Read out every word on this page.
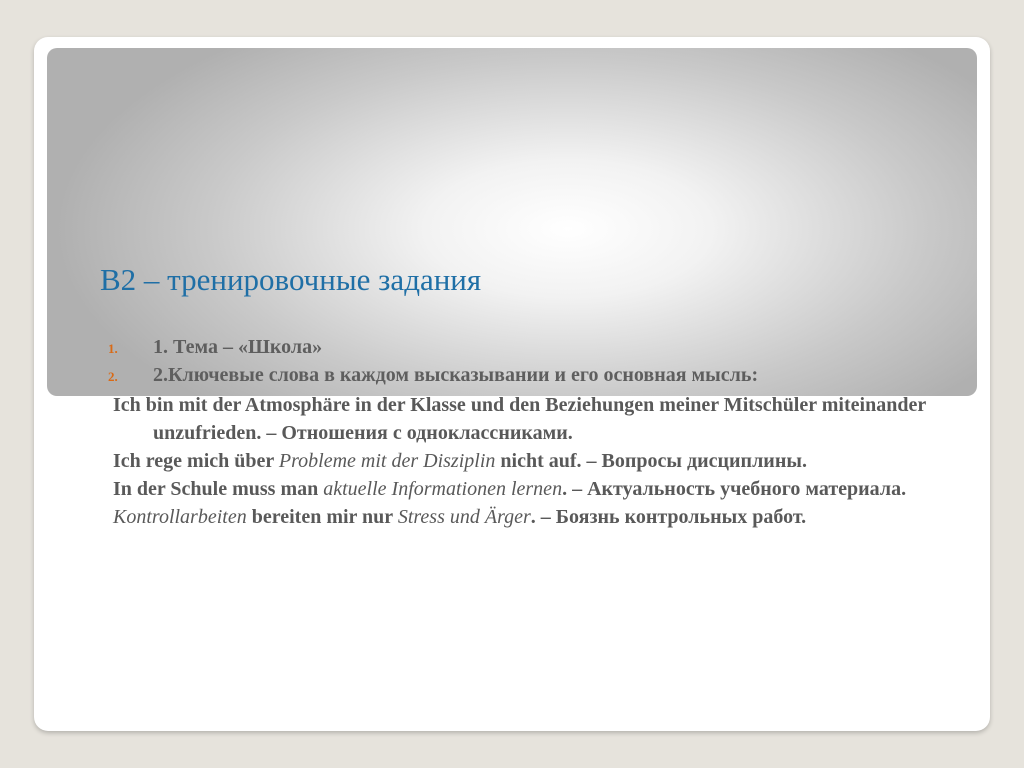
В2 – тренировочные задания
1. 1. Тема – «Школа»
2. 2.Ключевые слова в каждом высказывании и его основная мысль:

Ich bin mit der Atmosphäre in der Klasse und den Beziehungen meiner Mitschüler miteinander unzufrieden. – Отношения с одноклассниками.

Ich rege mich über Probleme mit der Disziplin nicht auf. – Вопросы дисциплины.

In der Schule muss man aktuelle Informationen lernen. – Актуальность учебного материала.

Kontrollarbeiten bereiten mir nur Stress und Ärger. – Боязнь контрольных работ.
